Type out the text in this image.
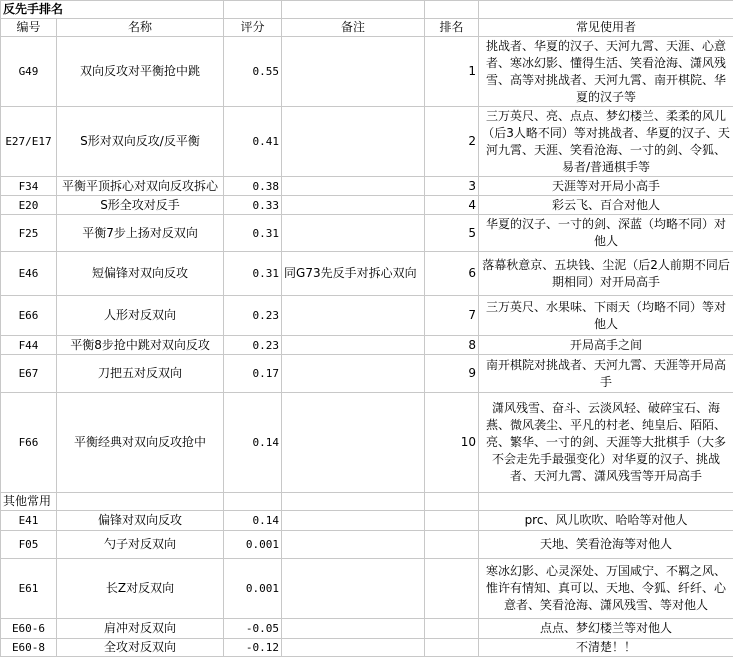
反先手排名					
编号	名称	评分	备注	排名	常见使用者
G49	双向反攻对平衡抢中跳	0.55		1	挑战者、华夏的汉子、天河九霄、天涯、心意者、寒冰幻影、懂得生活、笑看沧海、潇风残雪、高等对挑战者、天河九霄、南开棋院、华夏的汉子等
E27/E17	S形对双向反攻/反平衡	0.41		2	三万英尺、亮、点点、梦幻楼兰、柔柔的风儿（后3人略不同）等对挑战者、华夏的汉子、天河九霄、天涯、笑看沧海、一寸的剑、令狐、易者/普通棋手等
F34	平衡平顶拆心对双向反攻拆心	0.38		3	天涯等对开局小高手
E20	S形全攻对反手	0.33		4	彩云飞、百合对他人
F25	平衡7步上扬对反双向	0.31		5	华夏的汉子、一寸的剑、深蓝（均略不同）对他人
E46	短偏锋对双向反攻	0.31	同G73先反手对拆心双向	6	落幕秋意京、五块钱、尘泥（后2人前期不同后期相同）对开局高手
E66	人形对反双向	0.23		7	三万英尺、水果味、下雨天（均略不同）等对他人
F44	平衡8步抢中跳对双向反攻	0.23		8	开局高手之间
E67	刀把五对反双向	0.17		9	南开棋院对挑战者、天河九霄、天涯等开局高手
F66	平衡经典对双向反攻抢中	0.14		10	潇风残雪、奋斗、云淡风轻、破碎宝石、海燕、微风袭尘、平凡的村老、纯皇后、陌陌、亮、繁华、一寸的剑、天涯等大批棋手（大多不会走先手最强变化）对华夏的汉子、挑战者、天河九霄、潇风残雪等开局高手
其他常用					
E41	偏锋对双向反攻	0.14			prc、风儿吹吹、哈哈等对他人
F05	勺子对反双向	0.001			天地、笑看沧海等对他人
E61	长Z对反双向	0.001			寒冰幻影、心灵深处、万国咸宁、不羁之风、惟许有情知、真可以、天地、令狐、纤纤、心意者、笑看沧海、潇风残雪、等对他人
E60-6	肩冲对反双向	-0.05			点点、梦幻楼兰等对他人
E60-8	全攻对反双向	-0.12			不清楚！！
